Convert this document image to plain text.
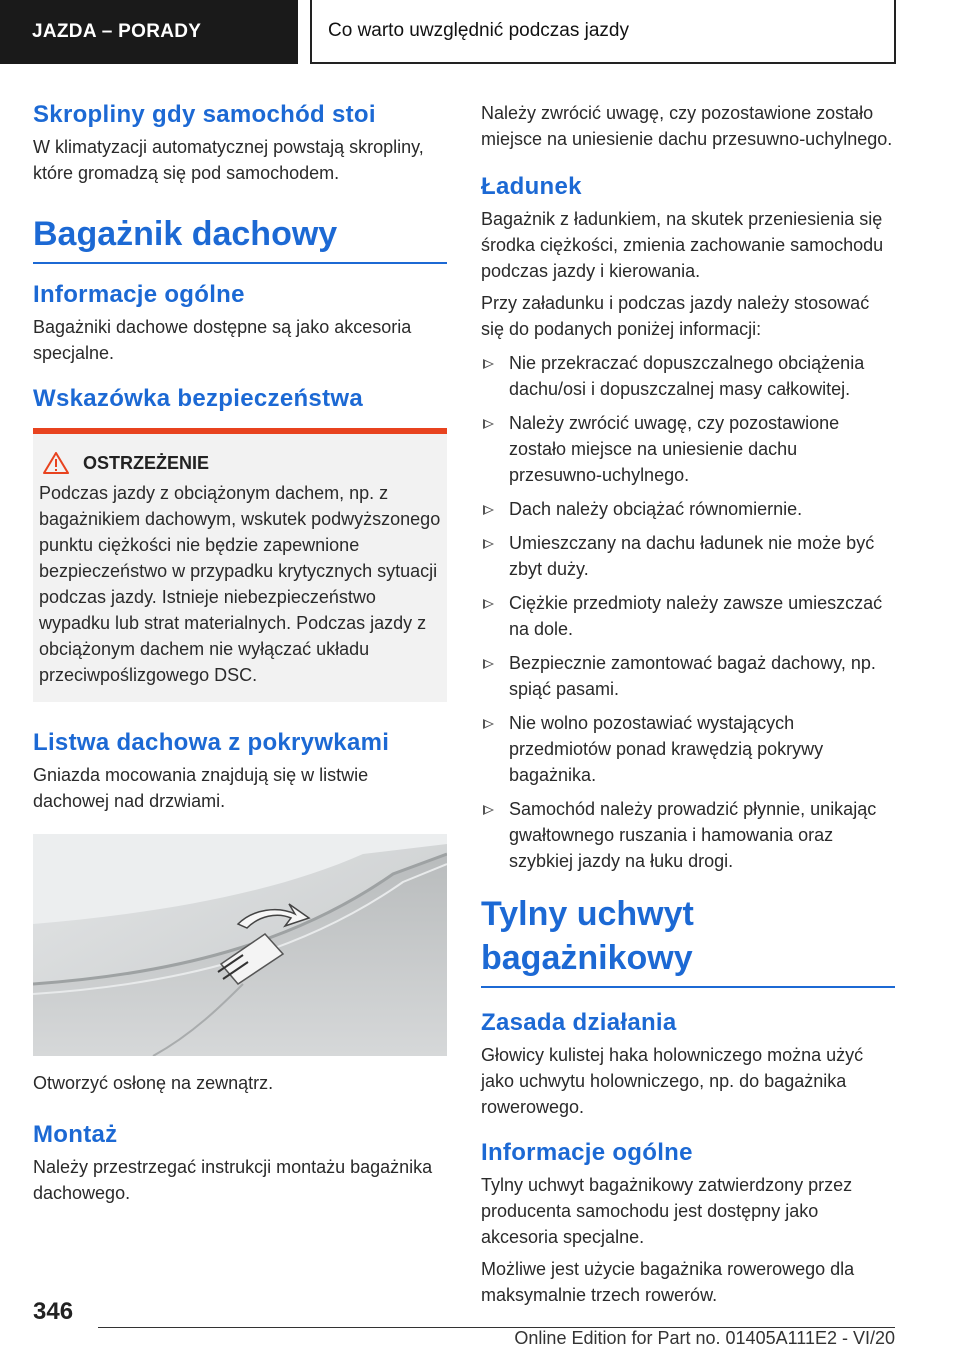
JAZDA – PORADY	Co warto uwzględnić podczas jazdy
Skropliny gdy samochód stoi

W klimatyzacji automatycznej powstają skropliny, które gromadzą się pod samochodem.

Bagażnik dachowy
Informacje ogólne

Bagażniki dachowe dostępne są jako akcesoria specjalne.

Wskazówka bezpieczeństwa
OSTRZEŻENIE

Podczas jazdy z obciążonym dachem, np. z bagażnikiem dachowym, wskutek podwyższonego punktu ciężkości nie będzie zapewnione bezpieczeństwo w przypadku krytycznych sytuacji podczas jazdy. Istnieje niebezpieczeństwo wypadku lub strat materialnych. Podczas jazdy z obciążonym dachem nie wyłączać układu przeciwpoślizgowego DSC.

Listwa dachowa z pokrywkami

Gniazda mocowania znajdują się w listwie dachowej nad drzwiami.

Otworzyć osłonę na zewnątrz.

Montaż

Należy przestrzegać instrukcji montażu bagażnika dachowego.

Należy zwrócić uwagę, czy pozostawione zostało miejsce na uniesienie dachu przesuwno-uchylnego.

Ładunek

Bagażnik z ładunkiem, na skutek przeniesienia się środka ciężkości, zmienia zachowanie samochodu podczas jazdy i kierowania.

Przy załadunku i podczas jazdy należy stosować się do podanych poniżej informacji:

Nie przekraczać dopuszczalnego obciążenia dachu/osi i dopuszczalnej masy całkowitej.
Należy zwrócić uwagę, czy pozostawione zostało miejsce na uniesienie dachu przesuwno-uchylnego.
Dach należy obciążać równomiernie.
Umieszczany na dachu ładunek nie może być zbyt duży.
Ciężkie przedmioty należy zawsze umieszczać na dole.
Bezpiecznie zamontować bagaż dachowy, np. spiąć pasami.
Nie wolno pozostawiać wystających przedmiotów ponad krawędzią pokrywy bagażnika.
Samochód należy prowadzić płynnie, unikając gwałtownego ruszania i hamowania oraz szybkiej jazdy na łuku drogi.
Tylny uchwyt bagażnikowy
Zasada działania

Głowicy kulistej haka holowniczego można użyć jako uchwytu holowniczego, np. do bagażnika rowerowego.

Informacje ogólne

Tylny uchwyt bagażnikowy zatwierdzony przez producenta samochodu jest dostępny jako akcesoria specjalne.

Możliwe jest użycie bagażnika rowerowego dla maksymalnie trzech rowerów.

346
Online Edition for Part no. 01405A111E2 - VI/20
